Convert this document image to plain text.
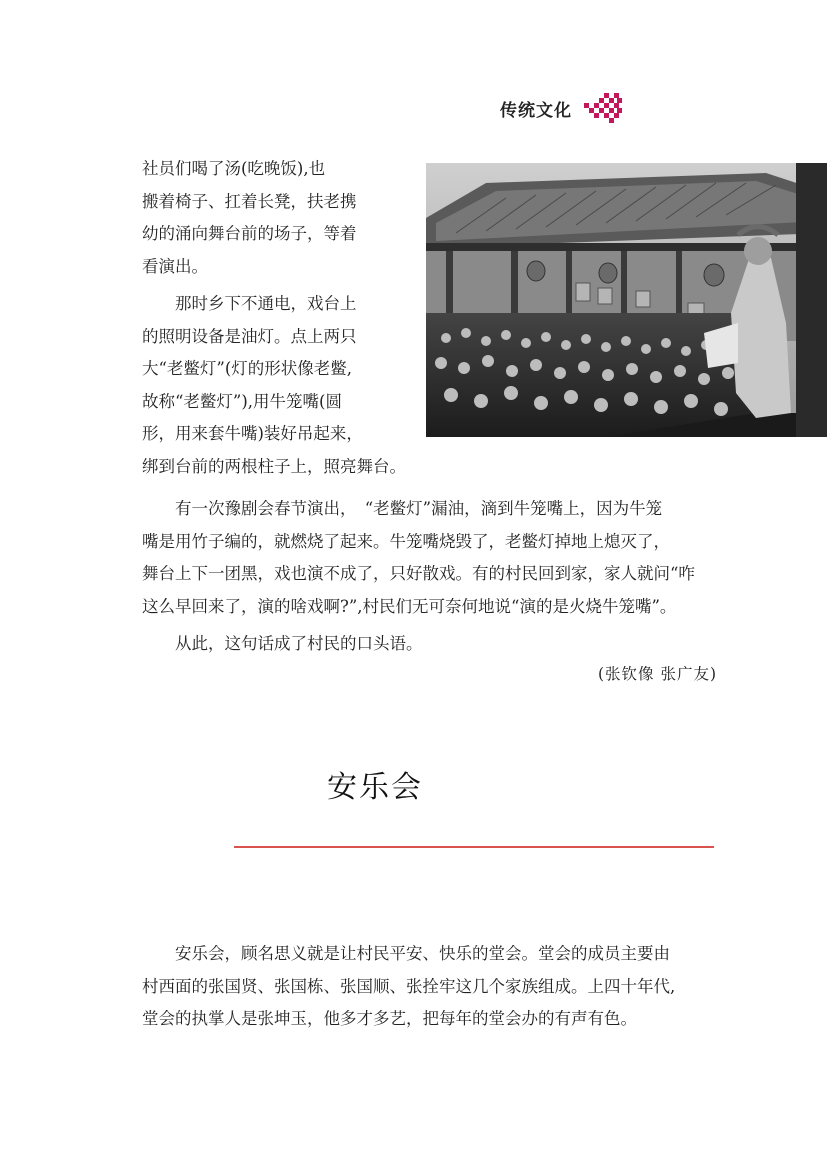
传统文化

社员们喝了汤(吃晚饭),也
搬着椅子、扛着长凳，扶老携
幼的涌向舞台前的场子，等着
看演出。

　　那时乡下不通电，戏台上
的照明设备是油灯。点上两只
大“老鳖灯”(灯的形状像老鳖,
故称“老鳖灯”),用牛笼嘴(圆
形，用来套牛嘴)装好吊起来，
绑到台前的两根柱子上，照亮舞台。

　　有一次豫剧会春节演出，　“老鳖灯”漏油，滴到牛笼嘴上，因为牛笼
嘴是用竹子编的，就燃烧了起来。牛笼嘴烧毁了，老鳖灯掉地上熄灭了，
舞台上下一团黑，戏也演不成了，只好散戏。有的村民回到家，家人就问“咋
这么早回来了，演的啥戏啊?”,村民们无可奈何地说“演的是火烧牛笼嘴”。

　　从此，这句话成了村民的口头语。

(张钦像 张广友)
安乐会

　　安乐会，顾名思义就是让村民平安、快乐的堂会。堂会的成员主要由
村西面的张国贤、张国栋、张国顺、张拴牢这几个家族组成。上四十年代,
堂会的执掌人是张坤玉，他多才多艺，把每年的堂会办的有声有色。
